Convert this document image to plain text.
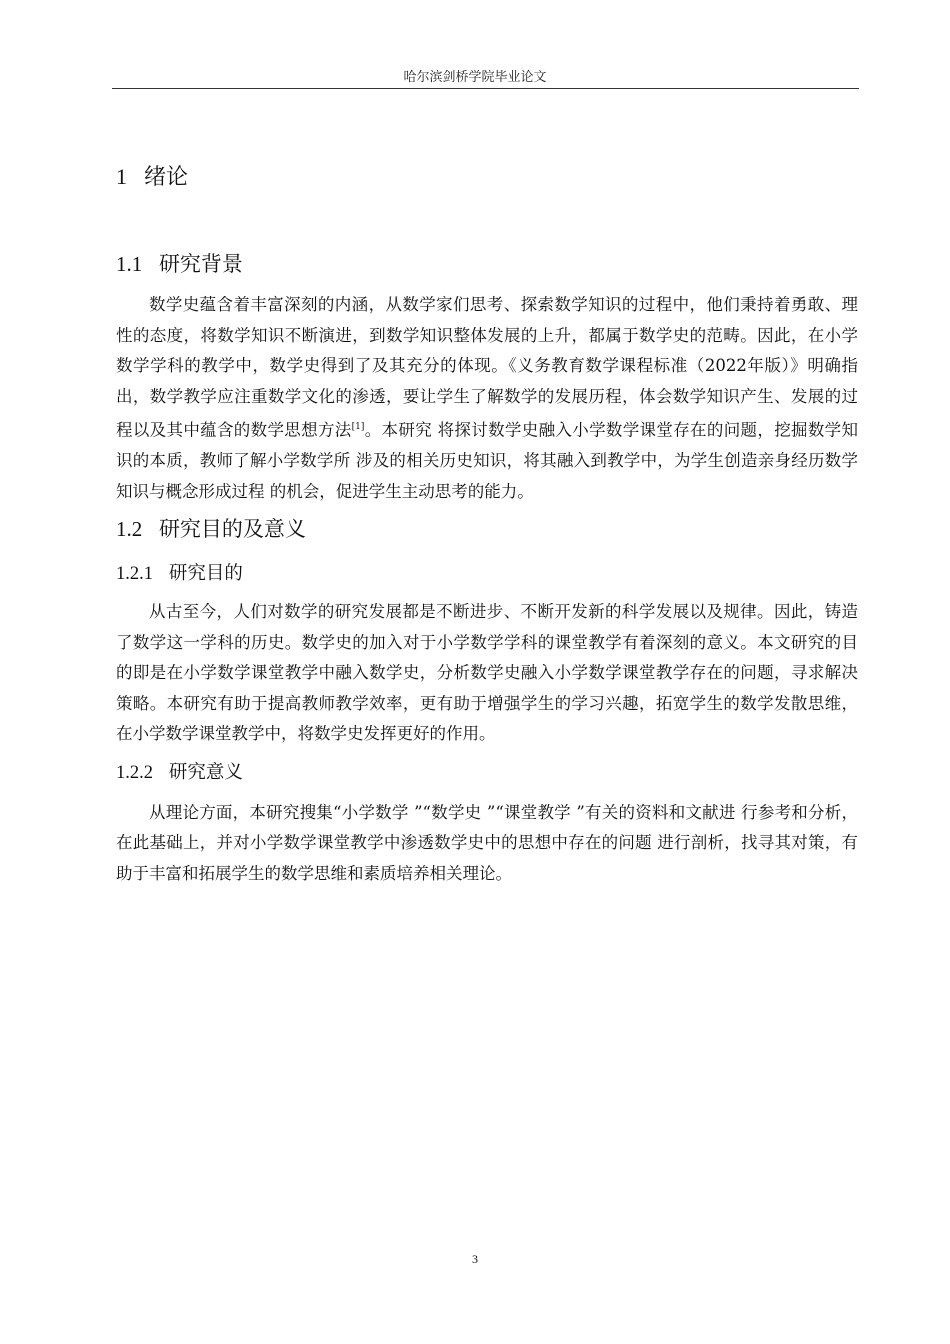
哈尔滨剑桥学院毕业论文
1 绪论
1.1 研究背景

数学史蕴含着丰富深刻的内涵，从数学家们思考、探索数学知识的过程中，他们秉持着勇敢、理性的态度，将数学知识不断演进，到数学知识整体发展的上升，都属于数学史的范畴。因此，在小学数学学科的教学中，数学史得到了及其充分的体现。《义务教育数学课程标准（2022年版）》明确指出，数学教学应注重数学文化的渗透，要让学生了解数学的发展历程，体会数学知识产生、发展的过程以及其中蕴含的数学思想方法[1]。本研究 将探讨数学史融入小学数学课堂存在的问题，挖掘数学知识的本质，教师了解小学数学所 涉及的相关历史知识，将其融入到教学中，为学生创造亲身经历数学知识与概念形成过程 的机会，促进学生主动思考的能力。

1.2 研究目的及意义
1.2.1 研究目的

从古至今，人们对数学的研究发展都是不断进步、不断开发新的科学发展以及规律。因此，铸造了数学这一学科的历史。数学史的加入对于小学数学学科的课堂教学有着深刻的意义。本文研究的目的即是在小学数学课堂教学中融入数学史，分析数学史融入小学数学课堂教学存在的问题，寻求解决策略。本研究有助于提高教师教学效率，更有助于增强学生的学习兴趣，拓宽学生的数学发散思维，在小学数学课堂教学中，将数学史发挥更好的作用。

1.2.2 研究意义

从理论方面，本研究搜集“小学数学 ”“数学史 ”“课堂教学 ”有关的资料和文献进 行参考和分析，在此基础上，并对小学数学课堂教学中渗透数学史中的思想中存在的问题 进行剖析，找寻其对策，有助于丰富和拓展学生的数学思维和素质培养相关理论。

3
